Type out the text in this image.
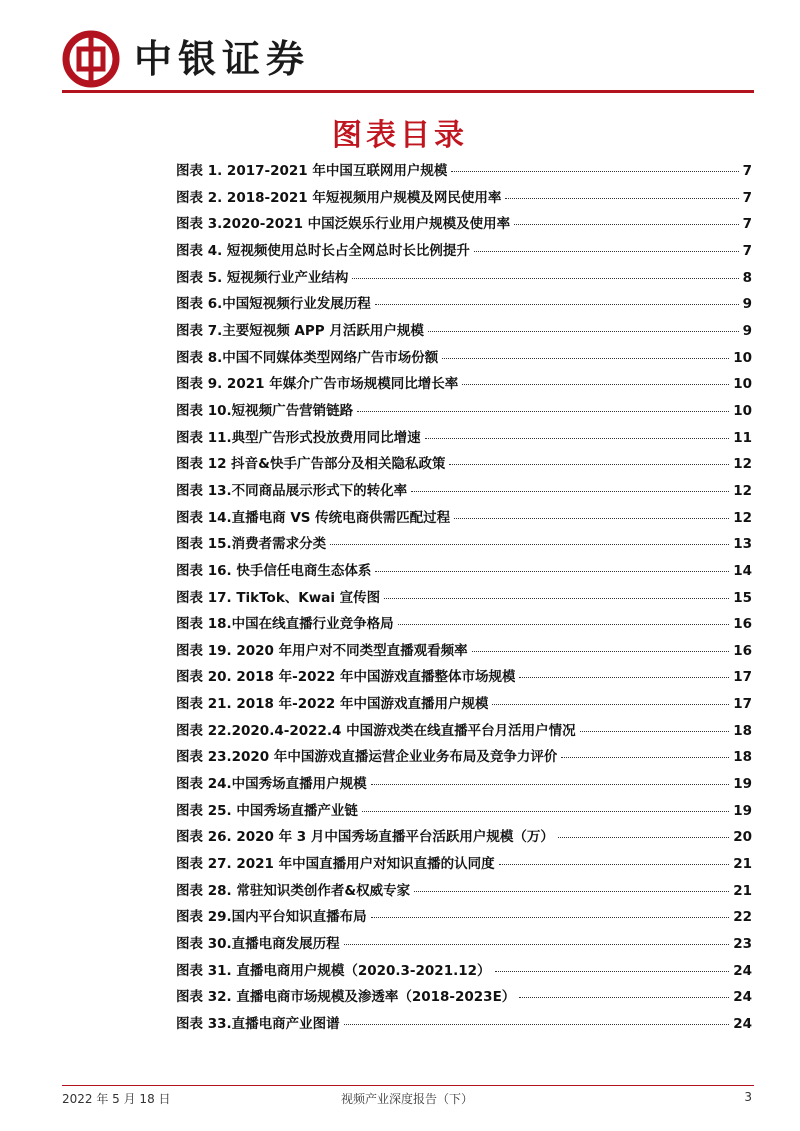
中银证券
图表目录
图表 1. 2017-2021 年中国互联网用户规模	7
图表 2. 2018-2021 年短视频用户规模及网民使用率	7
图表 3.2020-2021 中国泛娱乐行业用户规模及使用率	7
图表 4. 短视频使用总时长占全网总时长比例提升	7
图表 5. 短视频行业产业结构	8
图表 6.中国短视频行业发展历程	9
图表 7.主要短视频 APP 月活跃用户规模	9
图表 8.中国不同媒体类型网络广告市场份额	10
图表 9. 2021 年媒介广告市场规模同比增长率	10
图表 10.短视频广告营销链路	10
图表 11.典型广告形式投放费用同比增速	11
图表 12 抖音&快手广告部分及相关隐私政策	12
图表 13.不同商品展示形式下的转化率	12
图表 14.直播电商 VS 传统电商供需匹配过程	12
图表 15.消费者需求分类	13
图表 16. 快手信任电商生态体系	14
图表 17. TikTok、Kwai 宣传图	15
图表 18.中国在线直播行业竞争格局	16
图表 19. 2020 年用户对不同类型直播观看频率	16
图表 20. 2018 年-2022 年中国游戏直播整体市场规模	17
图表 21. 2018 年-2022 年中国游戏直播用户规模	17
图表 22.2020.4-2022.4 中国游戏类在线直播平台月活用户情况	18
图表 23.2020 年中国游戏直播运营企业业务布局及竞争力评价	18
图表 24.中国秀场直播用户规模	19
图表 25. 中国秀场直播产业链	19
图表 26. 2020 年 3 月中国秀场直播平台活跃用户规模（万）	20
图表 27. 2021 年中国直播用户对知识直播的认同度	21
图表 28. 常驻知识类创作者&权威专家	21
图表 29.国内平台知识直播布局	22
图表 30.直播电商发展历程	23
图表 31. 直播电商用户规模（2020.3-2021.12）	24
图表 32. 直播电商市场规模及渗透率（2018-2023E）	24
图表 33.直播电商产业图谱	24
2022 年 5 月 18 日	视频产业深度报告（下）	3
